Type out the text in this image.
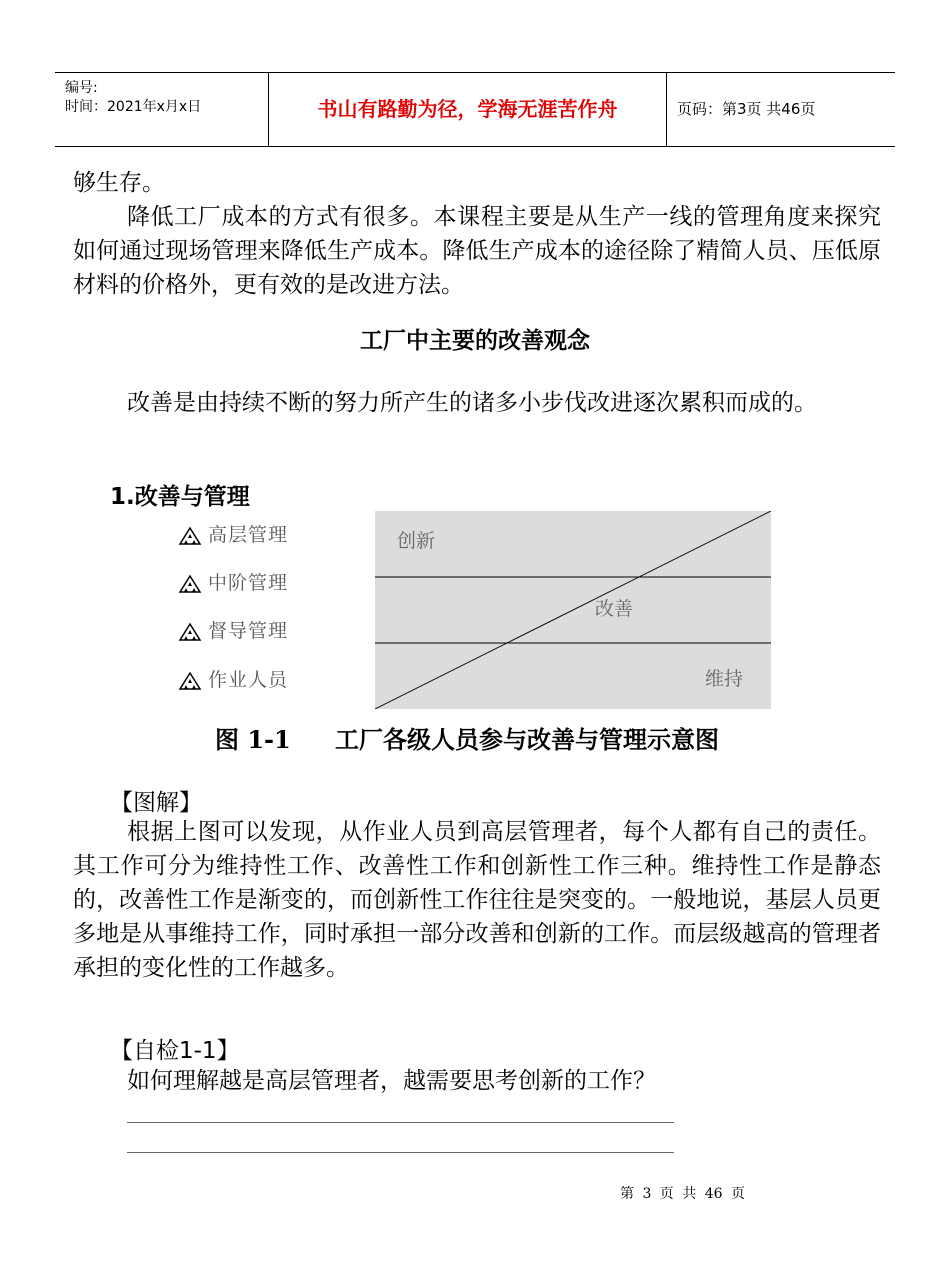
编号:
时间：2021年x月x日	书山有路勤为径，学海无涯苦作舟	页码：第3页 共46页

够生存。

降低工厂成本的方式有很多。本课程主要是从生产一线的管理角度来探究如何通过现场管理来降低生产成本。降低生产成本的途径除了精简人员、压低原材料的价格外，更有效的是改进方法。

工厂中主要的改善观念

改善是由持续不断的努力所产生的诸多小步伐改进逐次累积而成的。

1.改善与管理
高层管理
中阶管理
督导管理
作业人员
创新
改善
维持

图 1-1 工厂各级人员参与改善与管理示意图

【图解】

根据上图可以发现，从作业人员到高层管理者，每个人都有自己的责任。其工作可分为维持性工作、改善性工作和创新性工作三种。维持性工作是静态的，改善性工作是渐变的，而创新性工作往往是突变的。一般地说，基层人员更多地是从事维持工作，同时承担一部分改善和创新的工作。而层级越高的管理者承担的变化性的工作越多。

【自检1-1】

如何理解越是高层管理者，越需要思考创新的工作？

第 3 页 共 46 页
